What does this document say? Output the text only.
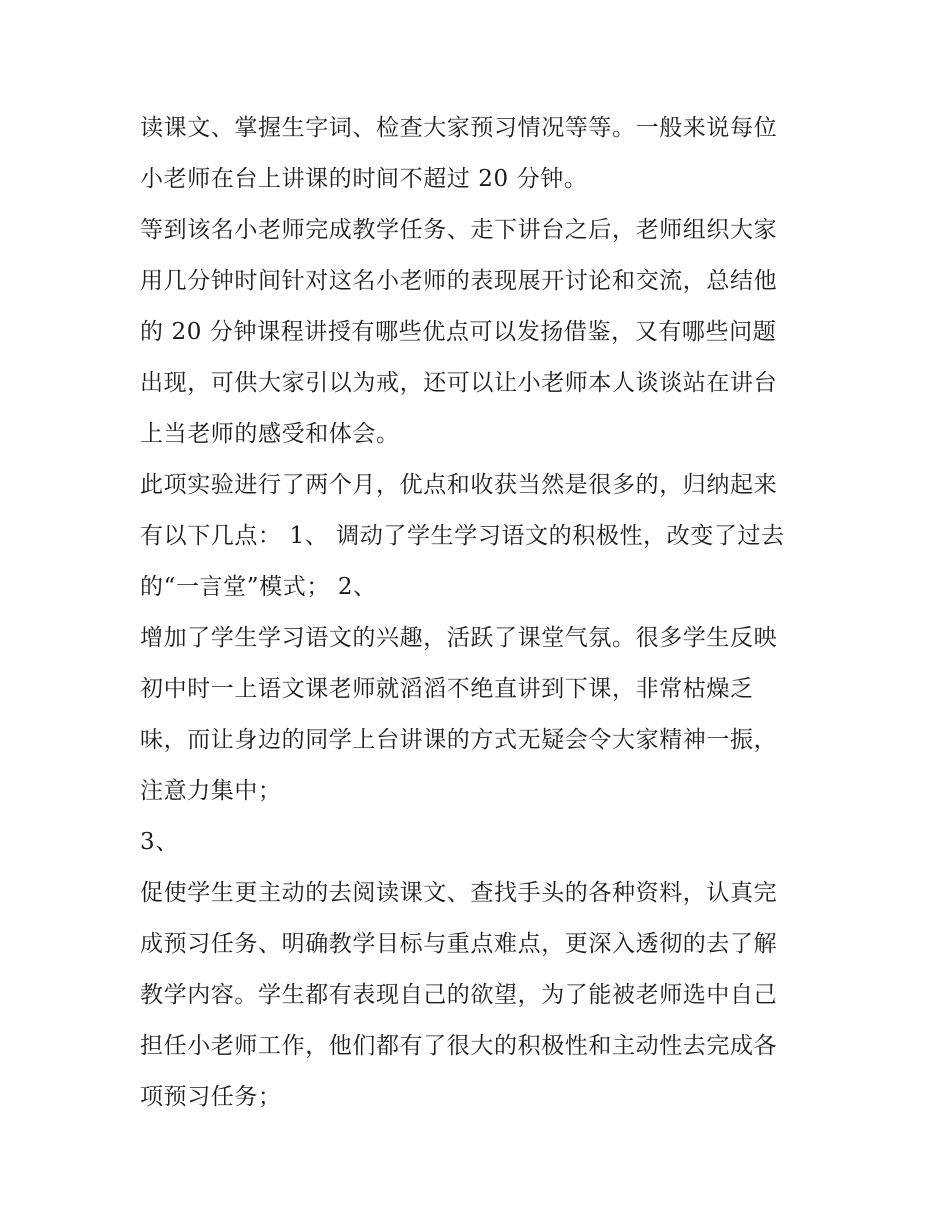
读课文、掌握生字词、检查大家预习情况等等。一般来说每位
小老师在台上讲课的时间不超过 20 分钟。
等到该名小老师完成教学任务、走下讲台之后，老师组织大家
用几分钟时间针对这名小老师的表现展开讨论和交流，总结他
的 20 分钟课程讲授有哪些优点可以发扬借鉴，又有哪些问题
出现，可供大家引以为戒，还可以让小老师本人谈谈站在讲台
上当老师的感受和体会。
此项实验进行了两个月，优点和收获当然是很多的，归纳起来
有以下几点： 1、 调动了学生学习语文的积极性，改变了过去
的“一言堂”模式； 2、
增加了学生学习语文的兴趣，活跃了课堂气氛。很多学生反映
初中时一上语文课老师就滔滔不绝直讲到下课，非常枯燥乏
味，而让身边的同学上台讲课的方式无疑会令大家精神一振，
注意力集中；
3、
促使学生更主动的去阅读课文、查找手头的各种资料，认真完
成预习任务、明确教学目标与重点难点，更深入透彻的去了解
教学内容。学生都有表现自己的欲望，为了能被老师选中自己
担任小老师工作，他们都有了很大的积极性和主动性去完成各
项预习任务；
